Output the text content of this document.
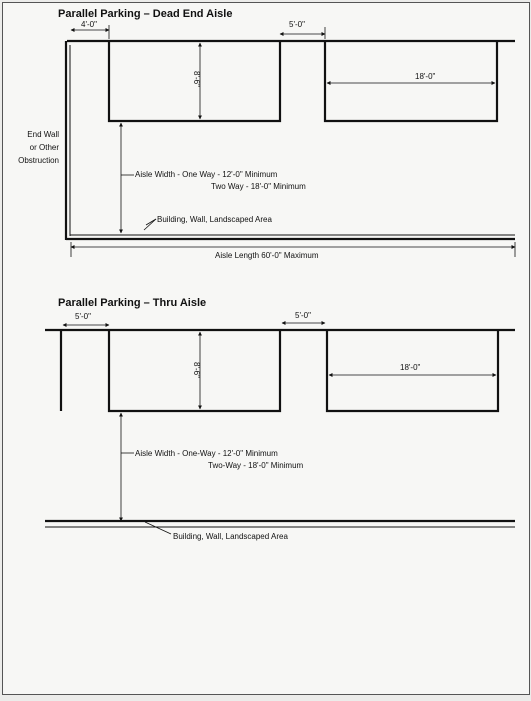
Parallel Parking – Dead End Aisle
4'-0"	5'-0"
8'-6"	18'-0"
Aisle Width - One Way - 12'-0" Minimum
Two Way - 18'-0" Minimum
End Wall
or Other
Obstruction
Building, Wall, Landscaped Area
Aisle Length 60'-0" Maximum
Parallel Parking – Thru Aisle
5'-0"	5'-0"
8'-6"	18'-0"
Aisle Width - One-Way - 12'-0" Minimum
Two-Way - 18'-0" Minimum
Building, Wall, Landscaped Area
